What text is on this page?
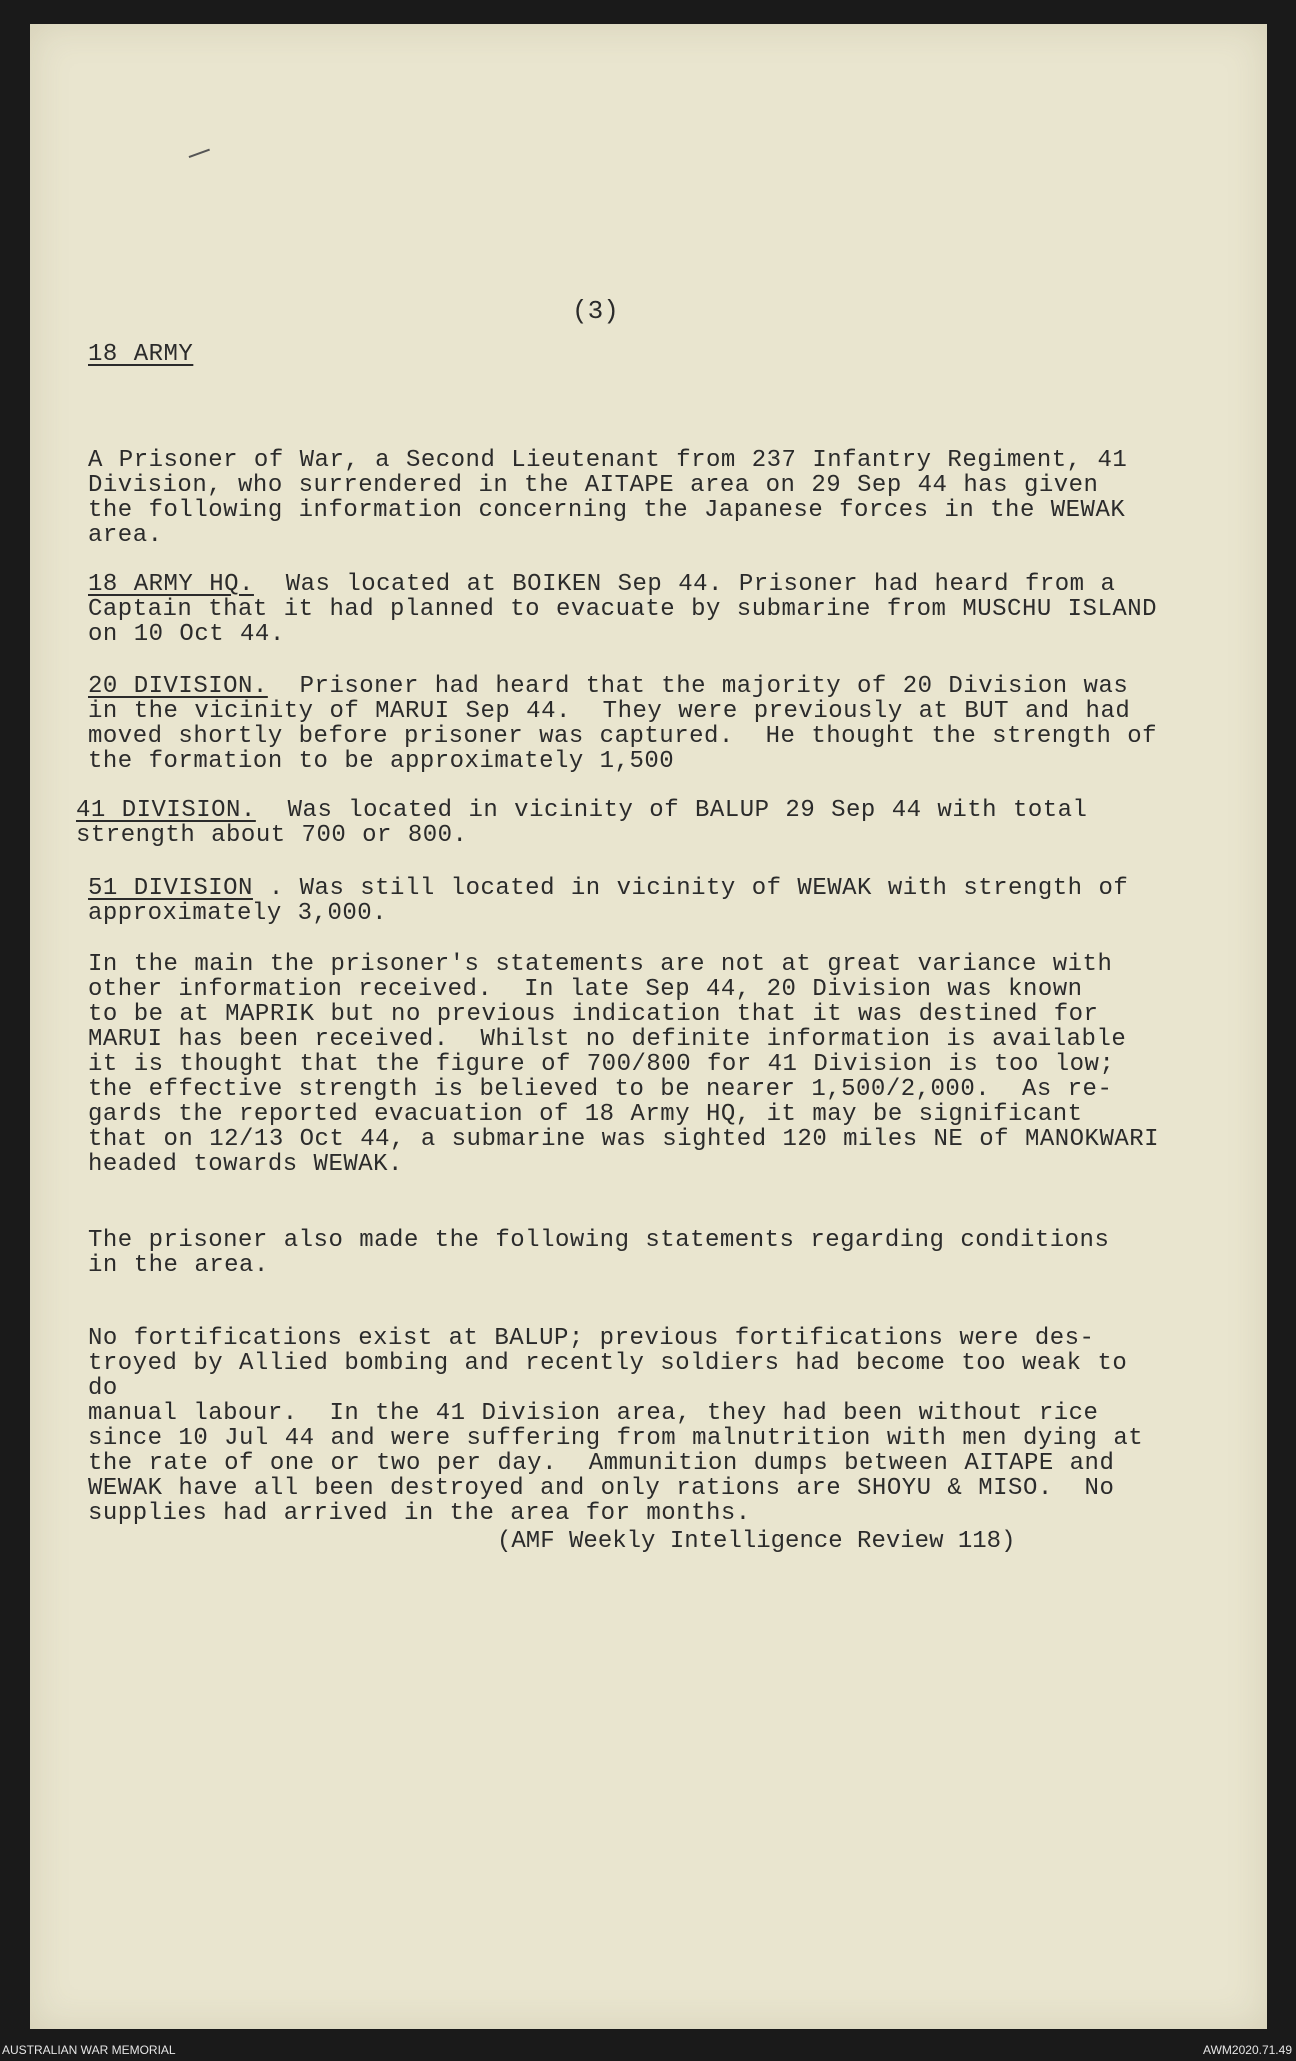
(3)
18 ARMY

A Prisoner of War, a Second Lieutenant from 237 Infantry Regiment, 41
Division, who surrendered in the AITAPE area on 29 Sep 44 has given
the following information concerning the Japanese forces in the WEWAK
area.

18 ARMY HQ.  Was located at BOIKEN Sep 44. Prisoner had heard from a
Captain that it had planned to evacuate by submarine from MUSCHU ISLAND
on 10 Oct 44.

20 DIVISION.  Prisoner had heard that the majority of 20 Division was
in the vicinity of MARUI Sep 44.  They were previously at BUT and had
moved shortly before prisoner was captured.  He thought the strength of
the formation to be approximately 1,500

41 DIVISION.  Was located in vicinity of BALUP 29 Sep 44 with total
strength about 700 or 800.

51 DIVISION . Was still located in vicinity of WEWAK with strength of
approximately 3,000.

In the main the prisoner's statements are not at great variance with
other information received.  In late Sep 44, 20 Division was known
to be at MAPRIK but no previous indication that it was destined for
MARUI has been received.  Whilst no definite information is available
it is thought that the figure of 700/800 for 41 Division is too low;
the effective strength is believed to be nearer 1,500/2,000.  As re-
gards the reported evacuation of 18 Army HQ, it may be significant
that on 12/13 Oct 44, a submarine was sighted 120 miles NE of MANOKWARI
headed towards WEWAK.

The prisoner also made the following statements regarding conditions
in the area.

No fortifications exist at BALUP; previous fortifications were des-
troyed by Allied bombing and recently soldiers had become too weak to do
manual labour.  In the 41 Division area, they had been without rice
since 10 Jul 44 and were suffering from malnutrition with men dying at
the rate of one or two per day.  Ammunition dumps between AITAPE and
WEWAK have all been destroyed and only rations are SHOYU & MISO.  No
supplies had arrived in the area for months.

(AMF Weekly Intelligence Review 118)
AUSTRALIAN WAR MEMORIAL	AWM2020.71.49
